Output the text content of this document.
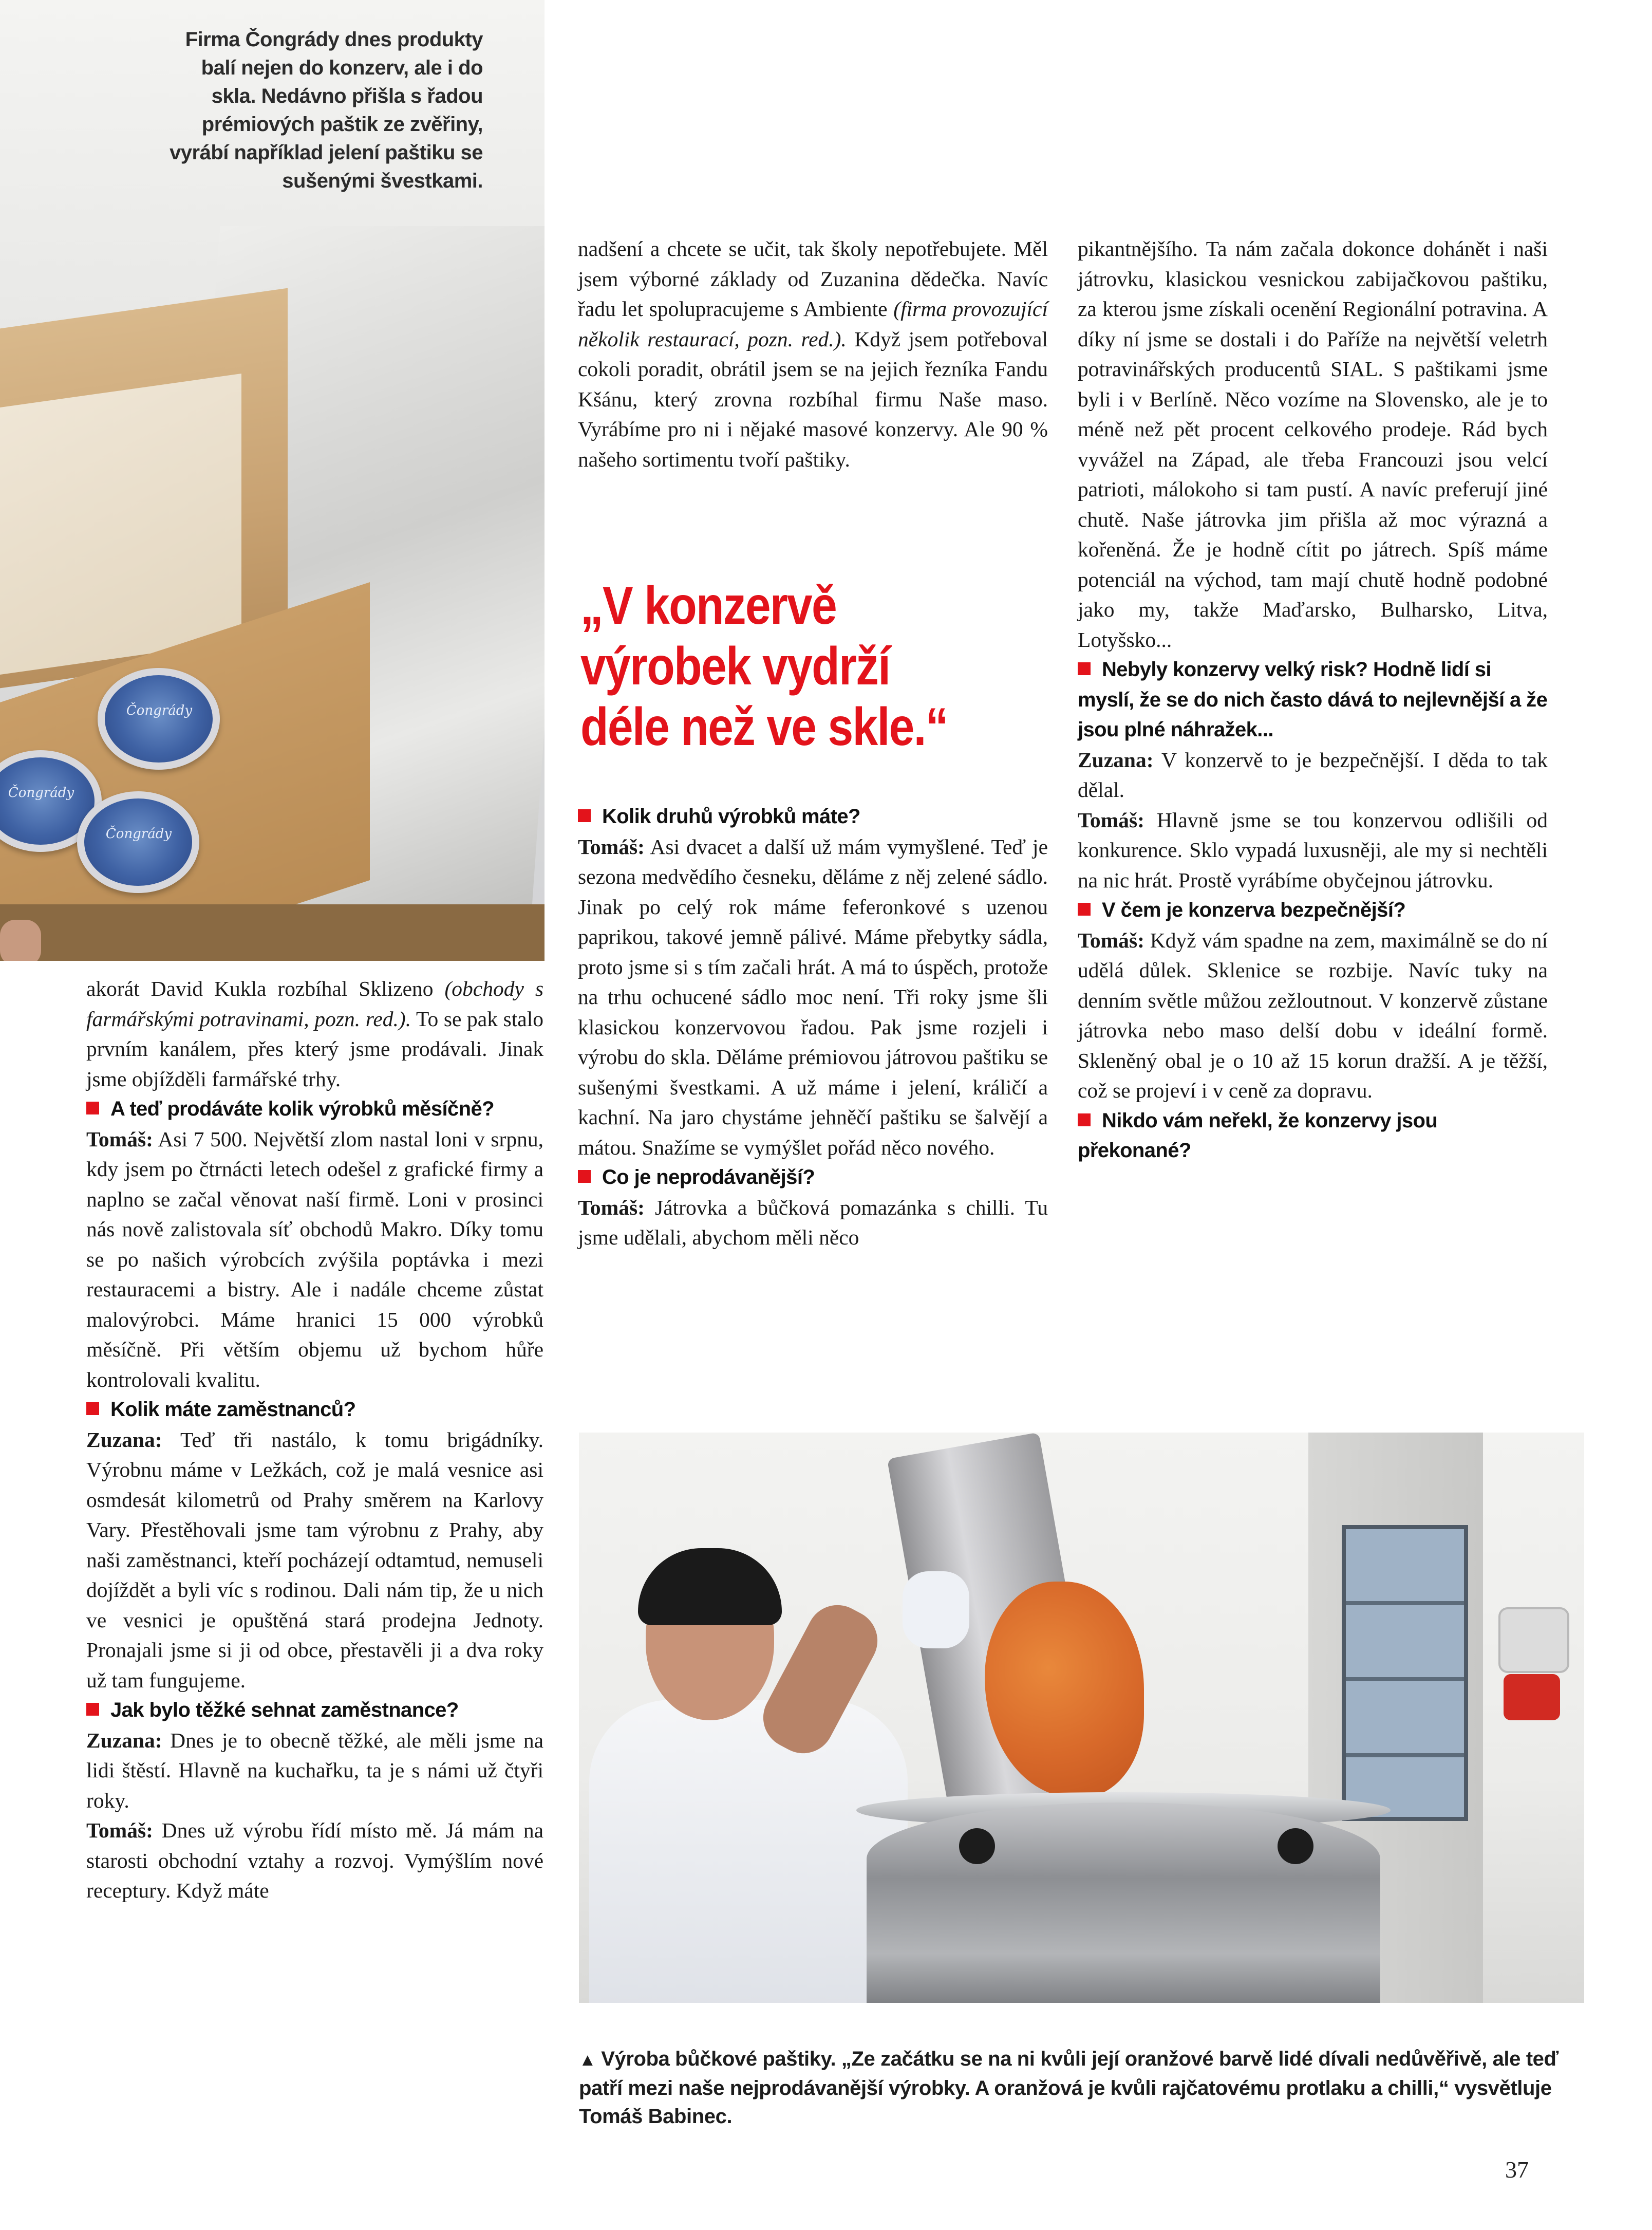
Čongrády
Čongrády
Čongrády
Firma Čongrády dnes produkty balí nejen do konzerv, ale i do skla. Nedávno přišla s řadou prémiových paštik ze zvěřiny, vyrábí například jelení paštiku se sušenými švestkami.

akorát David Kukla rozbíhal Sklizeno (obchody s farmářskými potravinami, pozn. red.). To se pak stalo prvním kanálem, přes který jsme prodávali. Jinak jsme objížděli farmářské trhy.

A teď prodáváte kolik výrobků měsíčně?

Tomáš: Asi 7 500. Největší zlom nastal loni v srpnu, kdy jsem po čtrnácti letech odešel z grafické firmy a naplno se začal věnovat naší firmě. Loni v prosinci nás nově zalistovala síť obchodů Makro. Díky tomu se po našich výrobcích zvýšila poptávka i mezi restauracemi a bistry. Ale i nadále chceme zůstat malovýrobci. Máme hranici 15 000 výrobků měsíčně. Při větším objemu už bychom hůře kontrolovali kvalitu.

Kolik máte zaměstnanců?

Zuzana: Teď tři nastálo, k tomu brigádníky. Výrobnu máme v Ležkách, což je malá vesnice asi osmdesát kilometrů od Prahy směrem na Karlovy Vary. Přestěhovali jsme tam výrobnu z Prahy, aby naši zaměstnanci, kteří pocházejí odtamtud, nemuseli dojíždět a byli víc s rodinou. Dali nám tip, že u nich ve vesnici je opuštěná stará prodejna Jednoty. Pronajali jsme si ji od obce, přestavěli ji a dva roky už tam fungujeme.

Jak bylo těžké sehnat zaměstnance?

Zuzana: Dnes je to obecně těžké, ale měli jsme na lidi štěstí. Hlavně na kuchařku, ta je s námi už čtyři roky.

Tomáš: Dnes už výrobu řídí místo mě. Já mám na starosti obchodní vztahy a rozvoj. Vymýšlím nové receptury. Když máte

nadšení a chcete se učit, tak školy nepotřebujete. Měl jsem výborné základy od Zuzanina dědečka. Navíc řadu let spolupracujeme s Ambiente (firma provozující několik restaurací, pozn. red.). Když jsem potřeboval cokoli poradit, obrátil jsem se na jejich řezníka Fandu Kšánu, který zrovna rozbíhal firmu Naše maso. Vyrábíme pro ni i nějaké masové konzervy. Ale 90 % našeho sortimentu tvoří paštiky.

„V konzervě výrobek vydrží déle než ve skle.“

Kolik druhů výrobků máte?

Tomáš: Asi dvacet a další už mám vymyšlené. Teď je sezona medvědího česneku, děláme z něj zelené sádlo. Jinak po celý rok máme feferonkové s uzenou paprikou, takové jemně pálivé. Máme přebytky sádla, proto jsme si s tím začali hrát. A má to úspěch, protože na trhu ochucené sádlo moc není. Tři roky jsme šli klasickou konzervovou řadou. Pak jsme rozjeli i výrobu do skla. Děláme prémiovou játrovou paštiku se sušenými švestkami. A už máme i jelení, králičí a kachní. Na jaro chystáme jehněčí paštiku se šalvějí a mátou. Snažíme se vymýšlet pořád něco nového.

Co je neprodávanější?

Tomáš: Játrovka a bůčková pomazánka s chilli. Tu jsme udělali, abychom měli něco

pikantnějšího. Ta nám začala dokonce dohánět i naši játrovku, klasickou vesnickou zabijačkovou paštiku, za kterou jsme získali ocenění Regionální potravina. A díky ní jsme se dostali i do Paříže na největší veletrh potravinářských producentů SIAL. S paštikami jsme byli i v Berlíně. Něco vozíme na Slovensko, ale je to méně než pět procent celkového prodeje. Rád bych vyvážel na Západ, ale třeba Francouzi jsou velcí patrioti, málokoho si tam pustí. A navíc preferují jiné chutě. Naše játrovka jim přišla až moc výrazná a kořeněná. Že je hodně cítit po játrech. Spíš máme potenciál na východ, tam mají chutě hodně podobné jako my, takže Maďarsko, Bulharsko, Litva, Lotyšsko...

Nebyly konzervy velký risk? Hodně lidí si myslí, že se do nich často dává to nejlevnější a že jsou plné náhražek...

Zuzana: V konzervě to je bezpečnější. I děda to tak dělal.

Tomáš: Hlavně jsme se tou konzervou odlišili od konkurence. Sklo vypadá luxusněji, ale my si nechtěli na nic hrát. Prostě vyrábíme obyčejnou játrovku.

V čem je konzerva bezpečnější?

Tomáš: Když vám spadne na zem, maximálně se do ní udělá důlek. Sklenice se rozbije. Navíc tuky na denním světle můžou zežloutnout. V konzervě zůstane játrovka nebo maso delší dobu v ideální formě. Skleněný obal je o 10 až 15 korun dražší. A je těžší, což se projeví i v ceně za dopravu.

Nikdo vám neřekl, že konzervy jsou překonané?

▲ Výroba bůčkové paštiky. „Ze začátku se na ni kvůli její oranžové barvě lidé dívali nedůvěřivě, ale teď patří mezi naše nejprodávanější výrobky. A oranžová je kvůli rajčatovému protlaku a chilli,“ vysvětluje Tomáš Babinec.
37
